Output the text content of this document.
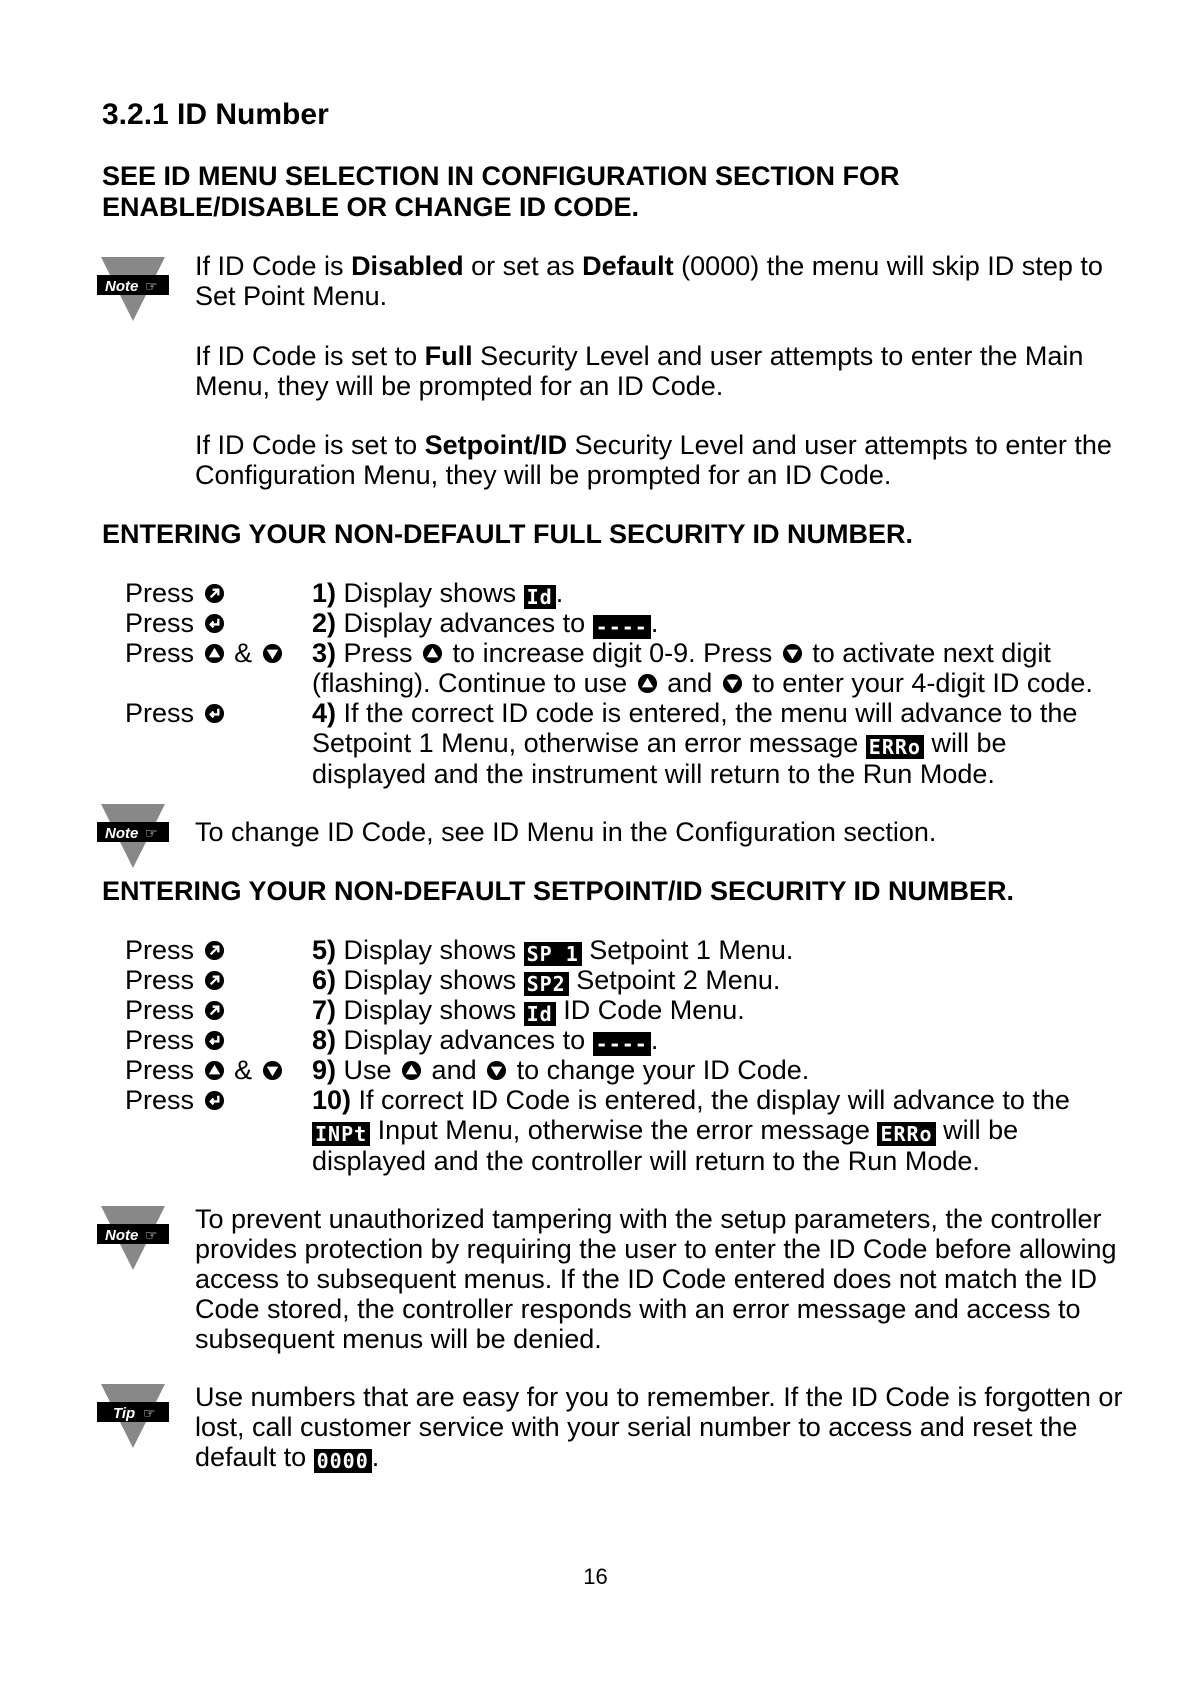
3.2.1 ID Number

SEE ID MENU SELECTION IN CONFIGURATION SECTION FOR ENABLE/DISABLE OR CHANGE ID CODE.

Note ☞

If ID Code is Disabled or set as Default (0000) the menu will skip ID step to Set Point Menu.

If ID Code is set to Full Security Level and user attempts to enter the Main Menu, they will be prompted for an ID Code.

If ID Code is set to Setpoint/ID Security Level and user attempts to enter the Configuration Menu, they will be prompted for an ID Code.

ENTERING YOUR NON-DEFAULT FULL SECURITY ID NUMBER.
Press	1) Display shows Id .
Press	2) Display advances to ---- .
Press &	3) Press  to increase digit 0-9. Press  to activate next digit (flashing). Continue to use  and  to enter your 4-digit ID code.
Press	4) If the correct ID code is entered, the menu will advance to the Setpoint 1 Menu, otherwise an error message ERRo will be displayed and the instrument will return to the Run Mode.
Note ☞ To change ID Code, see ID Menu in the Configuration section.

ENTERING YOUR NON-DEFAULT SETPOINT/ID SECURITY ID NUMBER.
Press	5) Display shows SP 1 Setpoint 1 Menu.
Press	6) Display shows SP2 Setpoint 2 Menu.
Press	7) Display shows Id ID Code Menu.
Press	8) Display advances to ---- .
Press &	9) Use  and  to change your ID Code.
Press	10) If correct ID Code is entered, the display will advance to the INPt Input Menu, otherwise the error message ERRo will be displayed and the controller will return to the Run Mode.
Note ☞

To prevent unauthorized tampering with the setup parameters, the controller provides protection by requiring the user to enter the ID Code before allowing access to subsequent menus. If the ID Code entered does not match the ID Code stored, the controller responds with an error message and access to subsequent menus will be denied.

Tip ☞

Use numbers that are easy for you to remember. If the ID Code is forgotten or lost, call customer service with your serial number to access and reset the default to 0000 .

16
